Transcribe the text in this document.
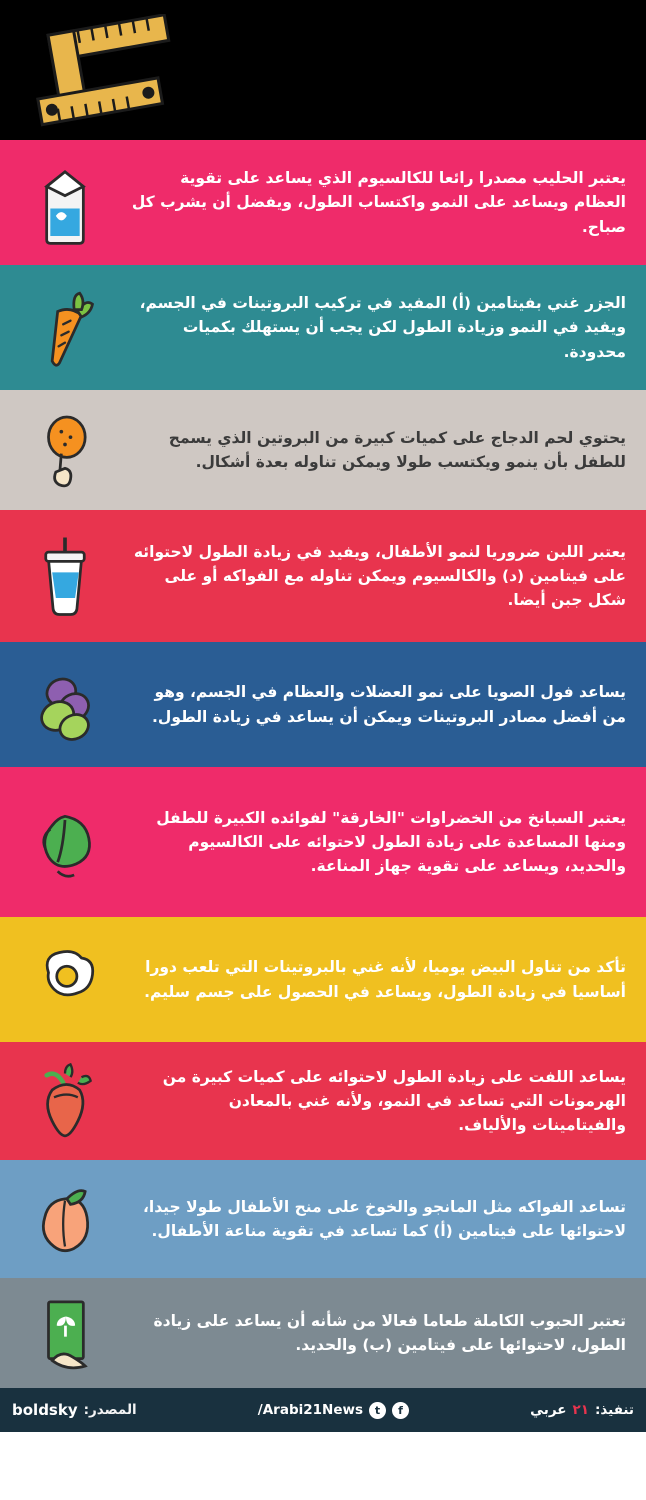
يعتبر الحليب مصدرا رائعا للكالسيوم الذي يساعد على تقوية العظام ويساعد على النمو واكتساب الطول، ويفضل أن يشرب كل صباح.
الجزر غني بفيتامين (أ) المفيد في تركيب البروتينات في الجسم، ويفيد في النمو وزيادة الطول لكن يجب أن يستهلك بكميات محدودة.
يحتوي لحم الدجاج على كميات كبيرة من البروتين الذي يسمح للطفل بأن ينمو ويكتسب طولا ويمكن تناوله بعدة أشكال.
يعتبر اللبن ضروريا لنمو الأطفال، ويفيد في زيادة الطول لاحتوائه على فيتامين (د) والكالسيوم ويمكن تناوله مع الفواكه أو على شكل جبن أيضا.
يساعد فول الصويا على نمو العضلات والعظام في الجسم، وهو من أفضل مصادر البروتينات ويمكن أن يساعد في زيادة الطول.
يعتبر السبانخ من الخضراوات "الخارقة" لفوائده الكبيرة للطفل ومنها المساعدة على زيادة الطول لاحتوائه على الكالسيوم والحديد، ويساعد على تقوية جهاز المناعة.
تأكد من تناول البيض يوميا، لأنه غني بالبروتينات التي تلعب دورا أساسيا في زيادة الطول، ويساعد في الحصول على جسم سليم.
يساعد اللفت على زيادة الطول لاحتوائه على كميات كبيرة من الهرمونات التي تساعد في النمو، ولأنه غني بالمعادن والفيتامينات والألياف.
تساعد الفواكه مثل المانجو والخوخ على منح الأطفال طولا جيدا، لاحتوائها على فيتامين (أ) كما تساعد في تقوية مناعة الأطفال.
تعتبر الحبوب الكاملة طعاما فعالا من شأنه أن يساعد على زيادة الطول، لاحتوائها على فيتامين (ب) والحديد.
تنفيذ:
٢١
عربي
f
t
Arabi21News/
المصدر:
boldsky
